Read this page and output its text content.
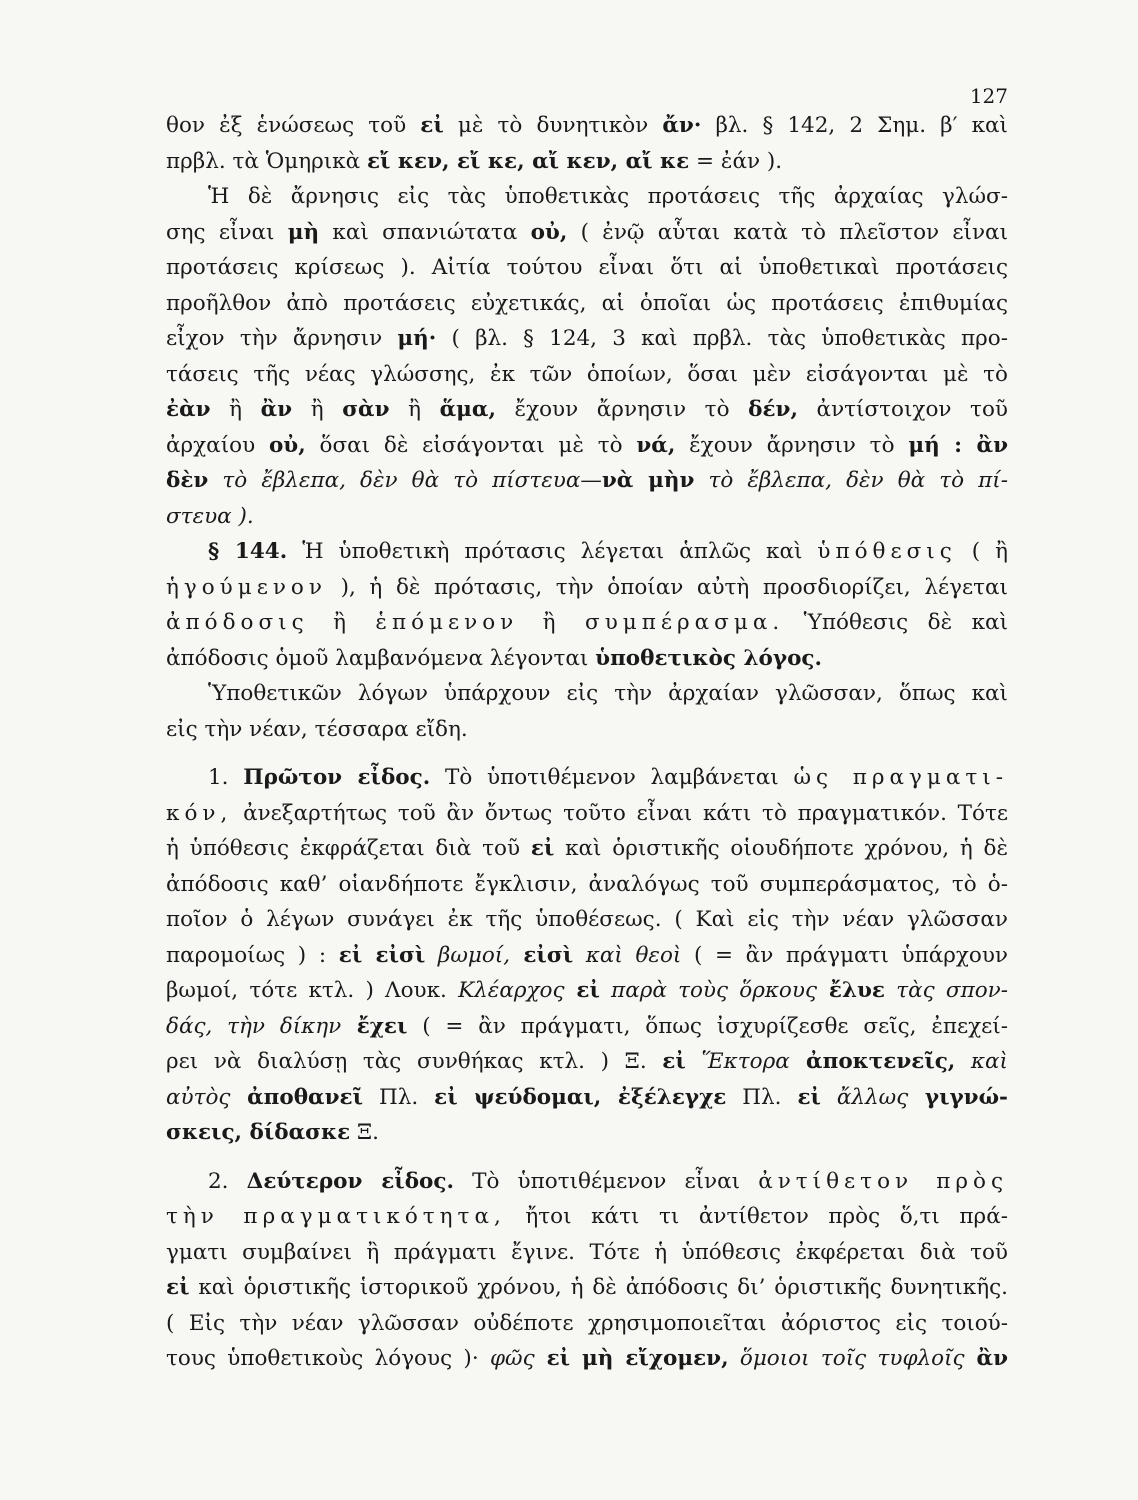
127
θον ἐξ ἑνώσεως τοῦ εἰ μὲ τὸ δυνητικὸν ἄν· βλ. § 142, 2 Σημ. β′ καὶ
πρβλ. τὰ Ὁμηρικὰ εἴ κεν, εἴ κε, αἴ κεν, αἴ κε = ἐάν ).
Ἡ δὲ ἄρνησις εἰς τὰς ὑποθετικὰς προτάσεις τῆς ἀρχαίας γλώσ-
σης εἶναι μὴ καὶ σπανιώτατα οὐ, ( ἐνῷ αὗται κατὰ τὸ πλεῖστον εἶναι
προτάσεις κρίσεως ). Αἰτία τούτου εἶναι ὅτι αἱ ὑποθετικαὶ προτάσεις
προῆλθον ἀπὸ προτάσεις εὐχετικάς, αἱ ὁποῖαι ὡς προτάσεις ἐπιθυμίας
εἶχον τὴν ἄρνησιν μή· ( βλ. § 124, 3 καὶ πρβλ. τὰς ὑποθετικὰς προ-
τάσεις τῆς νέας γλώσσης, ἐκ τῶν ὁποίων, ὅσαι μὲν εἰσάγονται μὲ τὸ
ἐὰν ἢ ἂν ἢ σὰν ἢ ἅμα, ἔχουν ἄρνησιν τὸ δέν, ἀντίστοιχον τοῦ
ἀρχαίου οὐ, ὅσαι δὲ εἰσάγονται μὲ τὸ νά, ἔχουν ἄρνησιν τὸ μή : ἂν
δὲν τὸ ἔβλεπα, δὲν θὰ τὸ πίστευα—νὰ μὴν τὸ ἔβλεπα, δὲν θὰ τὸ πί-
στευα ).
§ 144. Ἡ ὑποθετικὴ πρότασις λέγεται ἁπλῶς καὶ ὑπόθεσις ( ἢ
ἡγούμενον ), ἡ δὲ πρότασις, τὴν ὁποίαν αὐτὴ προσδιορίζει, λέγεται
ἀπόδοσις ἢ ἑπόμενον ἢ συμπέρασμα. Ὑπόθεσις δὲ καὶ
ἀπόδοσις ὁμοῦ λαμβανόμενα λέγονται ὑποθετικὸς λόγος.
Ὑποθετικῶν λόγων ὑπάρχουν εἰς τὴν ἀρχαίαν γλῶσσαν, ὅπως καὶ
εἰς τὴν νέαν, τέσσαρα εἴδη.
1. Πρῶτον εἶδος. Τὸ ὑποτιθέμενον λαμβάνεται ὡς πραγματι-
κόν, ἀνεξαρτήτως τοῦ ἂν ὄντως τοῦτο εἶναι κάτι τὸ πραγματικόν. Τότε
ἡ ὑπόθεσις ἐκφράζεται διὰ τοῦ εἰ καὶ ὁριστικῆς οἱουδήποτε χρόνου, ἡ δὲ
ἀπόδοσις καθ’ οἱανδήποτε ἔγκλισιν, ἀναλόγως τοῦ συμπεράσματος, τὸ ὁ-
ποῖον ὁ λέγων συνάγει ἐκ τῆς ὑποθέσεως. ( Καὶ εἰς τὴν νέαν γλῶσσαν
παρομοίως ) : εἰ εἰσὶ βωμοί, εἰσὶ καὶ θεοὶ ( = ἂν πράγματι ὑπάρχουν
βωμοί, τότε κτλ. ) Λουκ. Κλέαρχος εἰ παρὰ τοὺς ὅρκους ἔλυε τὰς σπον-
δάς, τὴν δίκην ἔχει ( = ἂν πράγματι, ὅπως ἰσχυρίζεσθε σεῖς, ἐπεχεί-
ρει νὰ διαλύσῃ τὰς συνθήκας κτλ. ) Ξ. εἰ Ἕκτορα ἀποκτενεῖς, καὶ
αὐτὸς ἀποθανεῖ Πλ. εἰ ψεύδομαι, ἐξέλεγχε Πλ. εἰ ἄλλως γιγνώ-
σκεις, δίδασκε Ξ.
2. Δεύτερον εἶδος. Τὸ ὑποτιθέμενον εἶναι ἀντίθετον πρὸς
τὴν πραγματικότητα, ἤτοι κάτι τι ἀντίθετον πρὸς ὅ,τι πρά-
γματι συμβαίνει ἢ πράγματι ἔγινε. Τότε ἡ ὑπόθεσις ἐκφέρεται διὰ τοῦ
εἰ καὶ ὁριστικῆς ἱστορικοῦ χρόνου, ἡ δὲ ἀπόδοσις δι’ ὁριστικῆς δυνητικῆς.
( Εἰς τὴν νέαν γλῶσσαν οὐδέποτε χρησιμοποιεῖται ἀόριστος εἰς τοιού-
τους ὑποθετικοὺς λόγους )· φῶς εἰ μὴ εἴχομεν, ὅμοιοι τοῖς τυφλοῖς ἂν
